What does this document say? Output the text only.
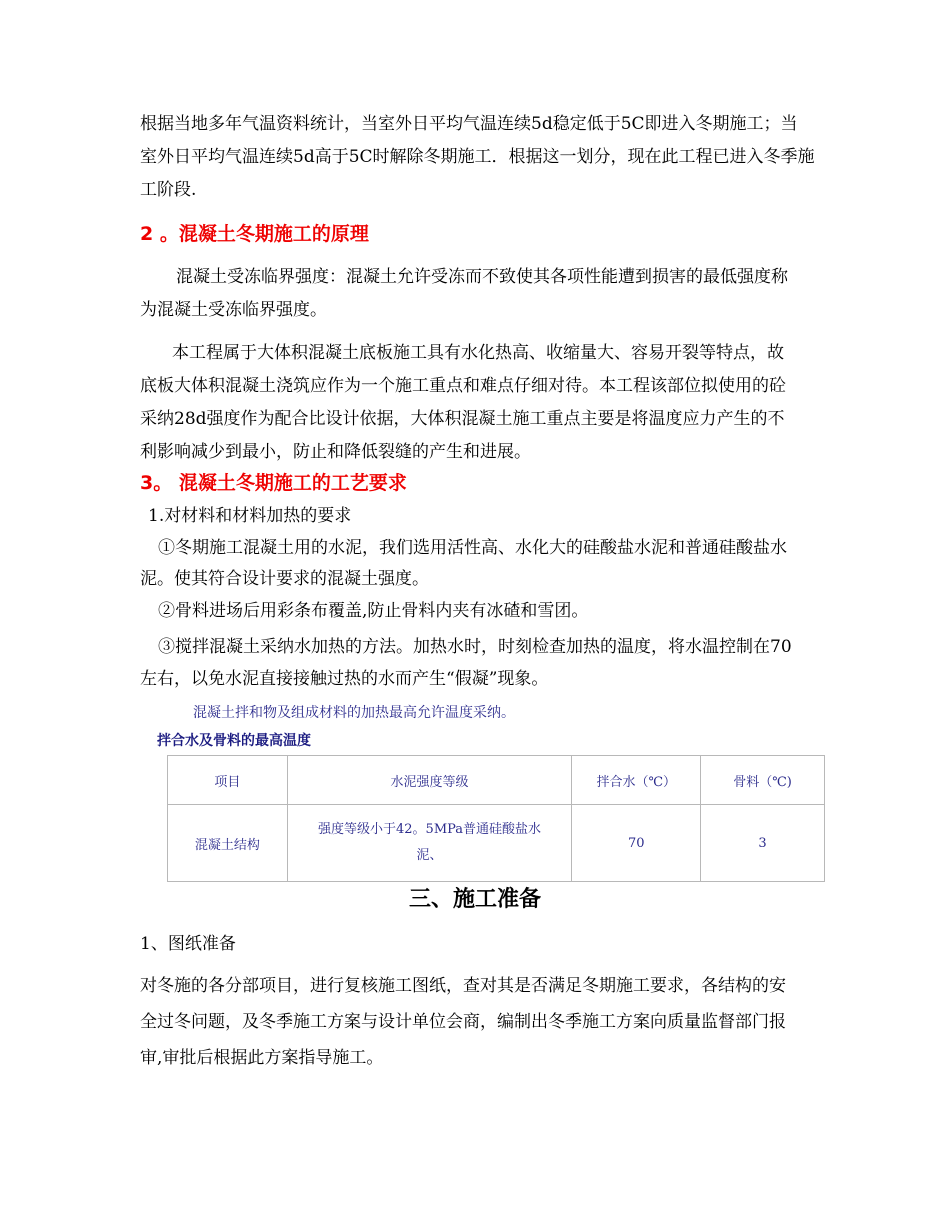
根据当地多年气温资料统计，当室外日平均气温连续5d稳定低于5C即进入冬期施工；当
室外日平均气温连续5d高于5C时解除冬期施工．根据这一划分，现在此工程已进入冬季施
工阶段.

2 。混凝土冬期施工的原理

混凝土受冻临界强度：混凝土允许受冻而不致使其各项性能遭到损害的最低强度称
为混凝土受冻临界强度。

本工程属于大体积混凝土底板施工具有水化热高、收缩量大、容易开裂等特点，故
底板大体积混凝土浇筑应作为一个施工重点和难点仔细对待。本工程该部位拟使用的砼
采纳28d强度作为配合比设计依据，大体积混凝土施工重点主要是将温度应力产生的不
利影响减少到最小，防止和降低裂缝的产生和进展。

3。 混凝土冬期施工的工艺要求

1.对材料和材料加热的要求

①冬期施工混凝土用的水泥，我们选用活性高、水化大的硅酸盐水泥和普通硅酸盐水
泥。使其符合设计要求的混凝土强度。

②骨料进场后用彩条布覆盖,防止骨料内夹有冰碴和雪团。

③搅拌混凝土采纳水加热的方法。加热水时，时刻检查加热的温度，将水温控制在70
左右，以免水泥直接接触过热的水而产生“假凝”现象。

混凝土拌和物及组成材料的加热最高允许温度采纳。

拌合水及骨料的最高温度

项目	水泥强度等级	拌合水（℃）	骨料（℃)
混凝土结构	强度等级小于42。5MPa普通硅酸盐水
泥、	70	3
三、施工准备

1、图纸准备

对冬施的各分部项目，进行复核施工图纸，查对其是否满足冬期施工要求，各结构的安
全过冬问题，及冬季施工方案与设计单位会商，编制出冬季施工方案向质量监督部门报
审,审批后根据此方案指导施工。
